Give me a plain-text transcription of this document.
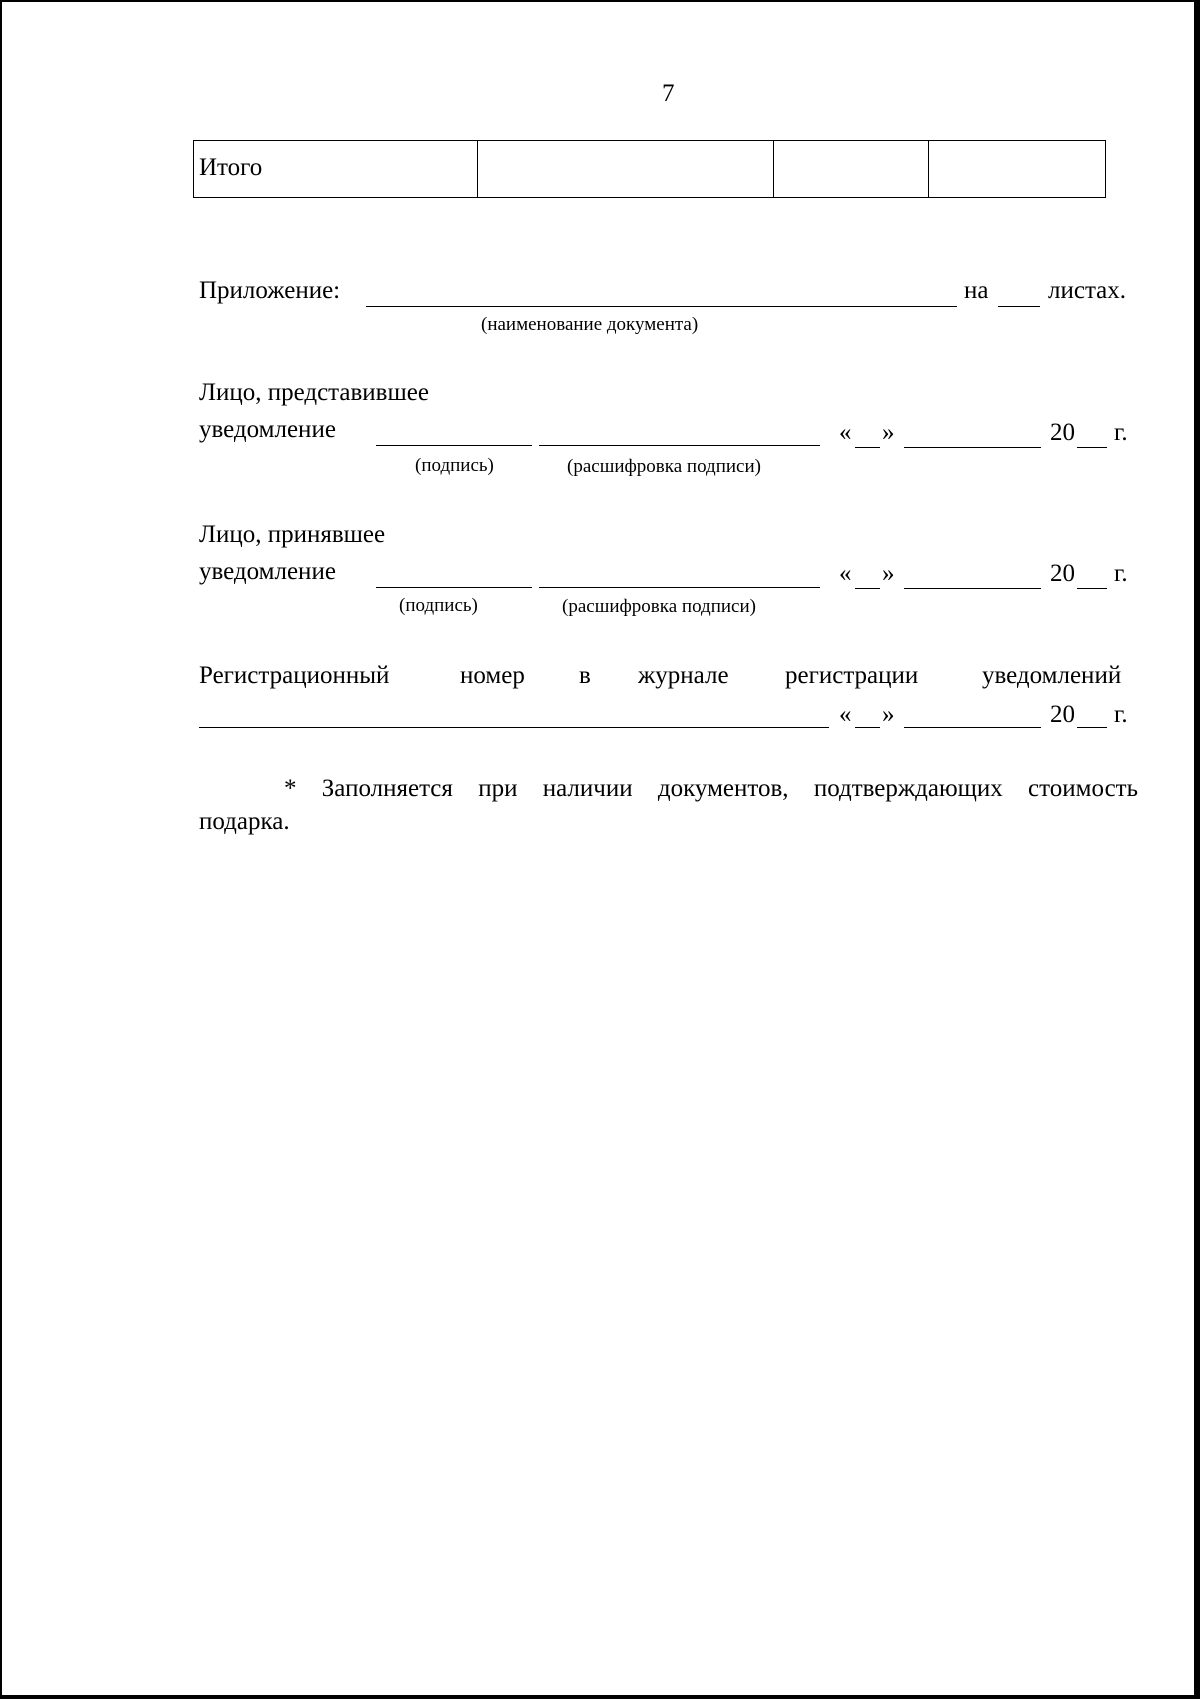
7
Итого
Приложение:	на листах.
(наименование документа)
Лицо, представившее
уведомление	« »	20 г.
(подпись)	(расшифровка подписи)
Лицо, принявшее
уведомление	« »	20 г.
(подпись)	(расшифровка подписи)
Регистрационный	номер в журнале регистрации	уведомлений
« »	20 г.
* Заполняется при наличии документов, подтверждающих стоимость
подарка.
